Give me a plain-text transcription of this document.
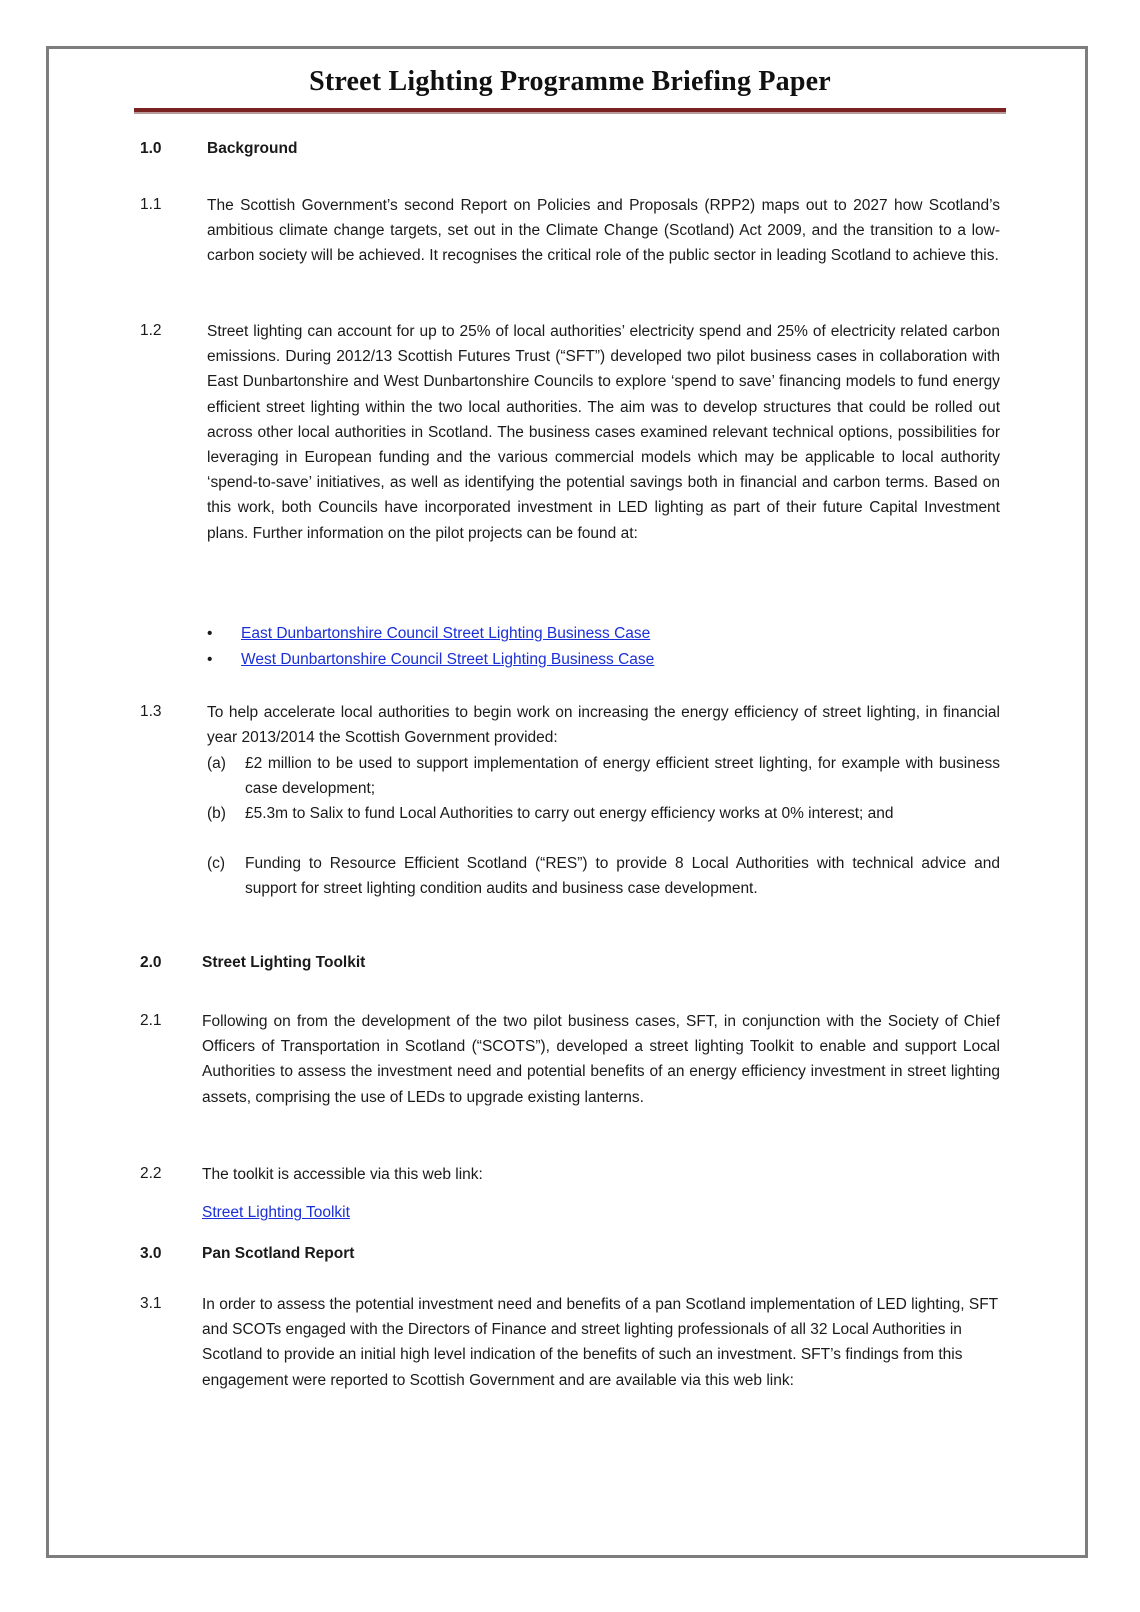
Street Lighting Programme Briefing Paper
1.0	Background
1.1	The Scottish Government’s second Report on Policies and Proposals (RPP2) maps out to 2027 how Scotland’s ambitious climate change targets, set out in the Climate Change (Scotland) Act 2009, and the transition to a low-carbon society will be achieved. It recognises the critical role of the public sector in leading Scotland to achieve this.
1.2	Street lighting can account for up to 25% of local authorities’ electricity spend and 25% of electricity related carbon emissions. During 2012/13 Scottish Futures Trust (“SFT”) developed two pilot business cases in collaboration with East Dunbartonshire and West Dunbartonshire Councils to explore ‘spend to save’ financing models to fund energy efficient street lighting within the two local authorities. The aim was to develop structures that could be rolled out across other local authorities in Scotland. The business cases examined relevant technical options, possibilities for leveraging in European funding and the various commercial models which may be applicable to local authority ‘spend-to-save’ initiatives, as well as identifying the potential savings both in financial and carbon terms. Based on this work, both Councils have incorporated investment in LED lighting as part of their future Capital Investment plans. Further information on the pilot projects can be found at:
• East Dunbartonshire Council Street Lighting Business Case
• West Dunbartonshire Council Street Lighting Business Case
1.3	To help accelerate local authorities to begin work on increasing the energy efficiency of street lighting, in financial year 2013/2014 the Scottish Government provided:
(a) £2 million to be used to support implementation of energy efficient street lighting, for example with business case development;
(b) £5.3m to Salix to fund Local Authorities to carry out energy efficiency works at 0% interest; and
(c) Funding to Resource Efficient Scotland (“RES”) to provide 8 Local Authorities with technical advice and support for street lighting condition audits and business case development.
2.0	Street Lighting Toolkit
2.1	Following on from the development of the two pilot business cases, SFT, in conjunction with the Society of Chief Officers of Transportation in Scotland (“SCOTS”), developed a street lighting Toolkit to enable and support Local Authorities to assess the investment need and potential benefits of an energy efficiency investment in street lighting assets, comprising the use of LEDs to upgrade existing lanterns.
2.2	The toolkit is accessible via this web link:
Street Lighting Toolkit
3.0	Pan Scotland Report
3.1	In order to assess the potential investment need and benefits of a pan Scotland implementation of LED lighting, SFT and SCOTs engaged with the Directors of Finance and street lighting professionals of all 32 Local Authorities in Scotland to provide an initial high level indication of the benefits of such an investment. SFT’s findings from this engagement were reported to Scottish Government and are available via this web link:
